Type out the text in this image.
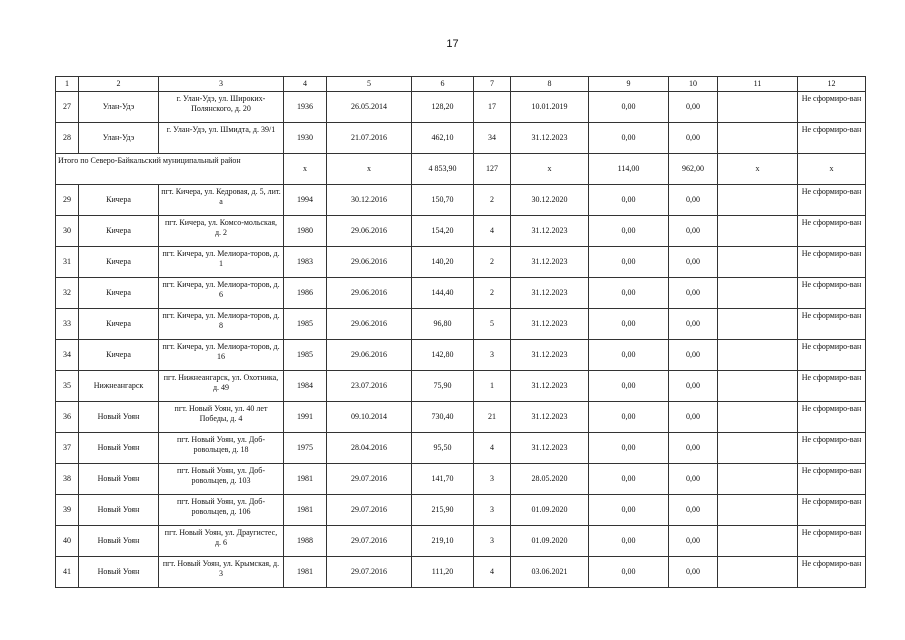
17
1	2	3	4	5	6	7	8	9	10	11	12
27	Улан-Удэ	г. Улан-Удэ, ул. Широких-Полянского, д. 20	1936	26.05.2014	128,20	17	10.01.2019	0,00	0,00		Не сформиро-ван
28	Улан-Удэ	г. Улан-Удэ, ул. Шмидта, д. 39/1	1930	21.07.2016	462,10	34	31.12.2023	0,00	0,00		Не сформиро-ван
Итого по Северо-Байкальский муниципальный район			x	x	4 853,90	127	x	114,00	962,00	x	x
29	Кичера	пгт. Кичера, ул. Кедровая, д. 5, лит. а	1994	30.12.2016	150,70	2	30.12.2020	0,00	0,00		Не сформиро-ван
30	Кичера	пгт. Кичера, ул. Комсо-мольская, д. 2	1980	29.06.2016	154,20	4	31.12.2023	0,00	0,00		Не сформиро-ван
31	Кичера	пгт. Кичера, ул. Мелиора-торов, д. 1	1983	29.06.2016	140,20	2	31.12.2023	0,00	0,00		Не сформиро-ван
32	Кичера	пгт. Кичера, ул. Мелиора-торов, д. 6	1986	29.06.2016	144,40	2	31.12.2023	0,00	0,00		Не сформиро-ван
33	Кичера	пгт. Кичера, ул. Мелиора-торов, д. 8	1985	29.06.2016	96,80	5	31.12.2023	0,00	0,00		Не сформиро-ван
34	Кичера	пгт. Кичера, ул. Мелиора-торов, д. 16	1985	29.06.2016	142,80	3	31.12.2023	0,00	0,00		Не сформиро-ван
35	Нижнеангарск	пгт. Нижнеангарск, ул. Охотника, д. 49	1984	23.07.2016	75,90	1	31.12.2023	0,00	0,00		Не сформиро-ван
36	Новый Уоян	пгт. Новый Уоян, ул. 40 лет Победы, д. 4	1991	09.10.2014	730,40	21	31.12.2023	0,00	0,00		Не сформиро-ван
37	Новый Уоян	пгт. Новый Уоян, ул. Доб-ровольцев, д. 18	1975	28.04.2016	95,50	4	31.12.2023	0,00	0,00		Не сформиро-ван
38	Новый Уоян	пгт. Новый Уоян, ул. Доб-ровольцев, д. 103	1981	29.07.2016	141,70	3	28.05.2020	0,00	0,00		Не сформиро-ван
39	Новый Уоян	пгт. Новый Уоян, ул. Доб-ровольцев, д. 106	1981	29.07.2016	215,90	3	01.09.2020	0,00	0,00		Не сформиро-ван
40	Новый Уоян	пгт. Новый Уоян, ул. Драугистес, д. 6	1988	29.07.2016	219,10	3	01.09.2020	0,00	0,00		Не сформиро-ван
41	Новый Уоян	пгт. Новый Уоян, ул. Крымская, д. 3	1981	29.07.2016	111,20	4	03.06.2021	0,00	0,00		Не сформиро-ван
